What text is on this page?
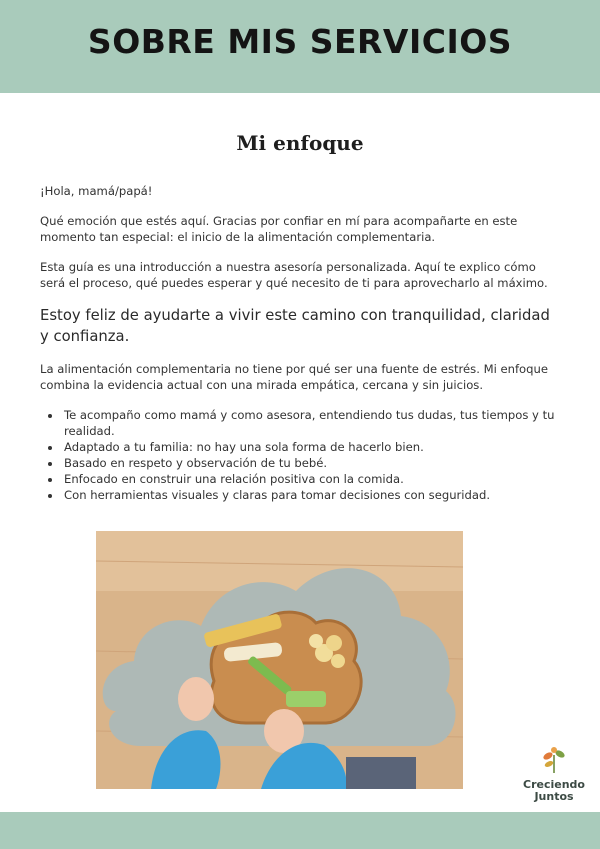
SOBRE MIS SERVICIOS
Mi enfoque

¡Hola, mamá/papá!

Qué emoción que estés aquí. Gracias por confiar en mí para acompañarte en este momento tan especial: el inicio de la alimentación complementaria.

Esta guía es una introducción a nuestra asesoría personalizada. Aquí te explico cómo será el proceso, qué puedes esperar y qué necesito de ti para aprovecharlo al máximo.

Estoy feliz de ayudarte a vivir este camino con tranquilidad, claridad y confianza.

La alimentación complementaria no tiene por qué ser una fuente de estrés. Mi enfoque combina la evidencia actual con una mirada empática, cercana y sin juicios.

• Te acompaño como mamá y como asesora, entendiendo tus dudas, tus tiempos y tu realidad.
• Adaptado a tu familia: no hay una sola forma de hacerlo bien.
• Basado en respeto y observación de tu bebé.
• Enfocado en construir una relación positiva con la comida.
• Con herramientas visuales y claras para tomar decisiones con seguridad.
Creciendo
Juntos
